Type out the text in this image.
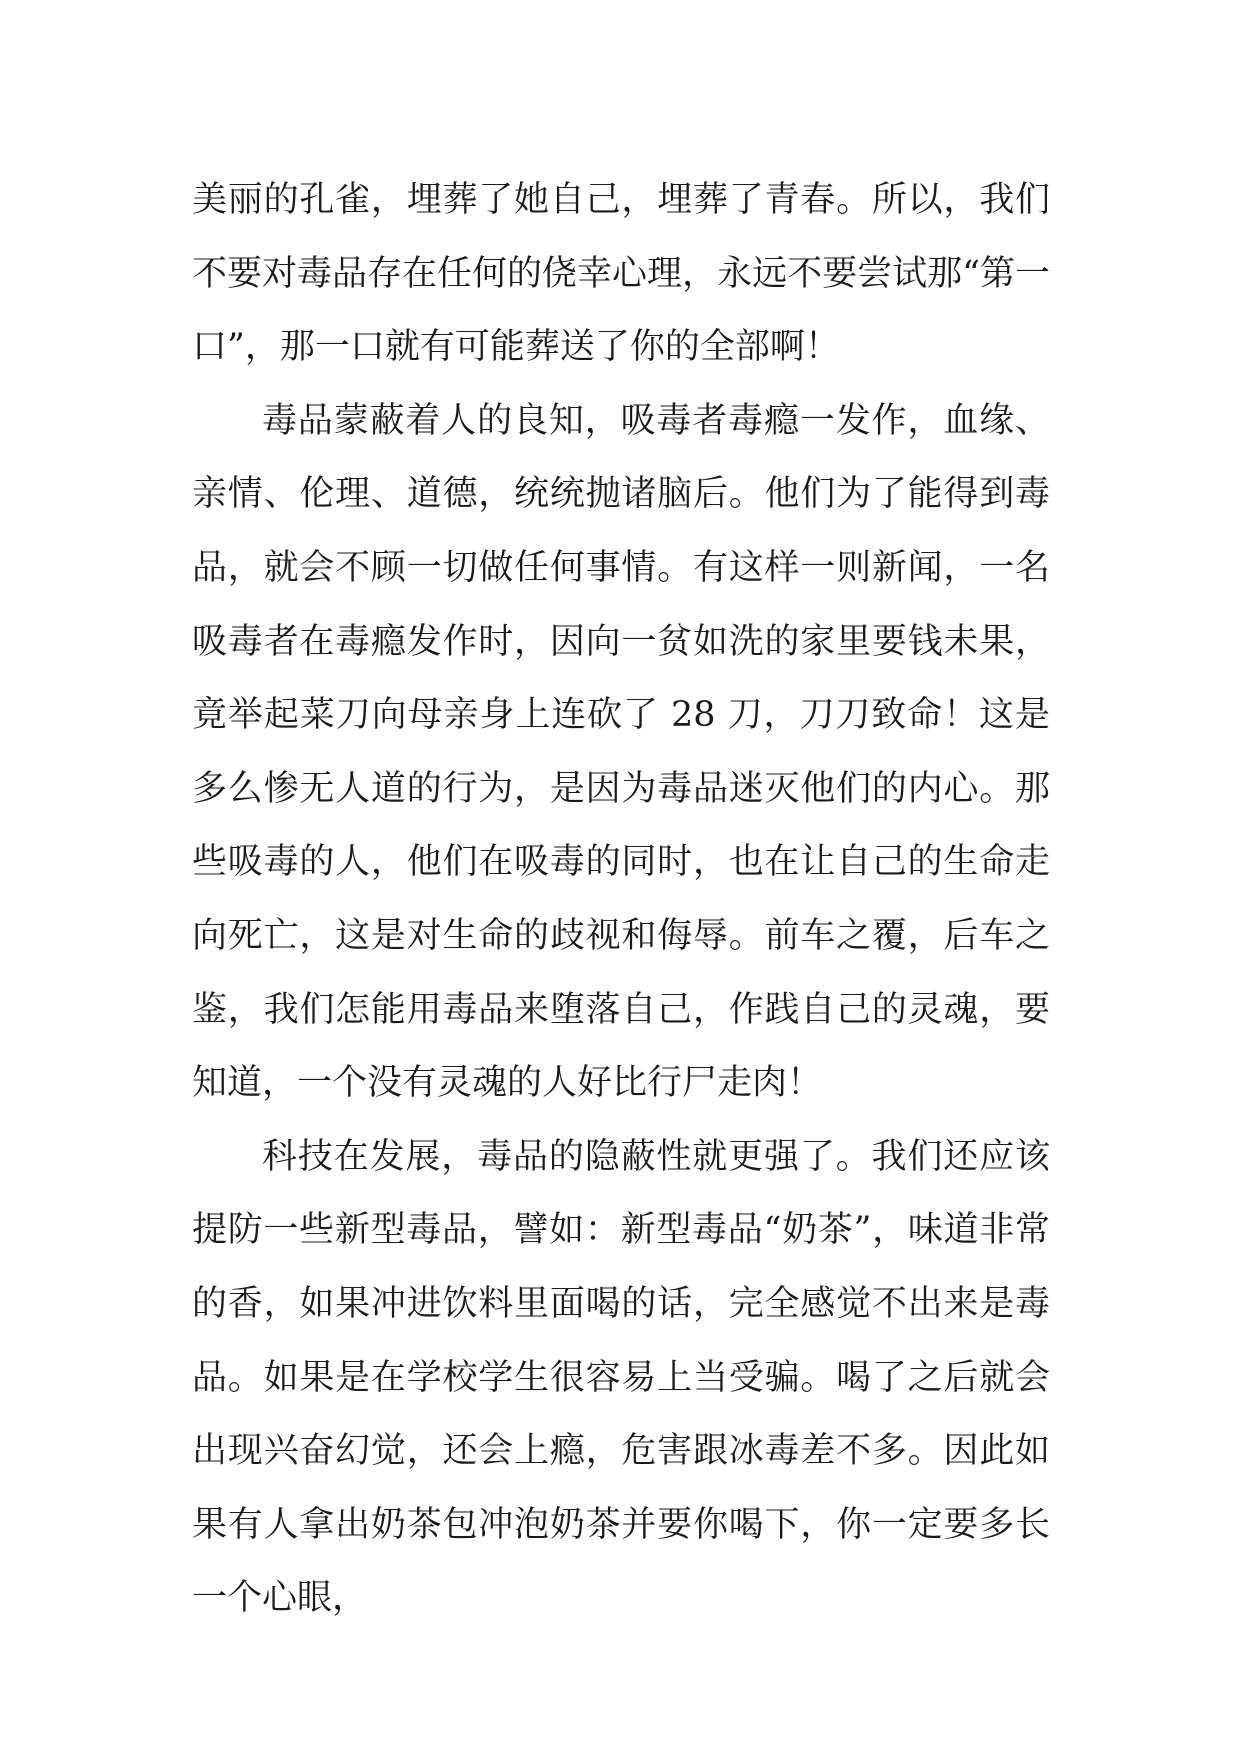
美丽的孔雀，埋葬了她自己，埋葬了青春。所以，我们不要对毒品存在任何的侥幸心理，永远不要尝试那“第一口”，那一口就有可能葬送了你的全部啊！
毒品蒙蔽着人的良知，吸毒者毒瘾一发作，血缘、亲情、伦理、道德，统统抛诸脑后。他们为了能得到毒品，就会不顾一切做任何事情。有这样一则新闻，一名吸毒者在毒瘾发作时，因向一贫如洗的家里要钱未果，竟举起菜刀向母亲身上连砍了 28 刀，刀刀致命！这是多么惨无人道的行为，是因为毒品迷灭他们的内心。那些吸毒的人，他们在吸毒的同时，也在让自己的生命走向死亡，这是对生命的歧视和侮辱。前车之覆，后车之鉴，我们怎能用毒品来堕落自己，作践自己的灵魂，要知道，一个没有灵魂的人好比行尸走肉！
科技在发展，毒品的隐蔽性就更强了。我们还应该提防一些新型毒品，譬如：新型毒品“奶茶”，味道非常的香，如果冲进饮料里面喝的话，完全感觉不出来是毒品。如果是在学校学生很容易上当受骗。喝了之后就会出现兴奋幻觉，还会上瘾，危害跟冰毒差不多。因此如果有人拿出奶茶包冲泡奶茶并要你喝下，你一定要多长一个心眼，
